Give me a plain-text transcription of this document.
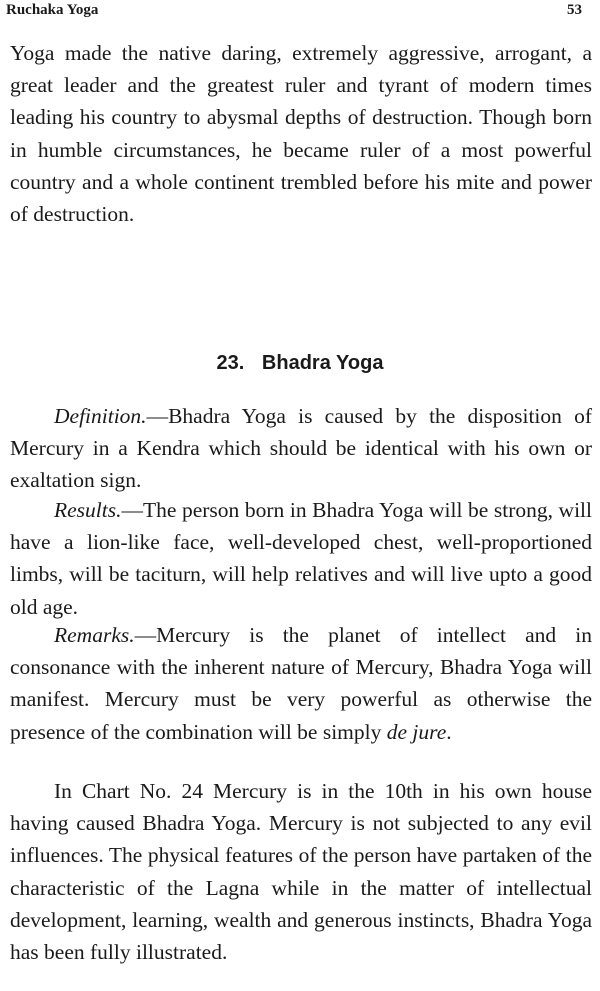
Ruchaka Yoga	53

Yoga made the native daring, extremely aggressive, arrogant, a great leader and the greatest ruler and tyrant of modern times leading his country to abysmal depths of destruction. Though born in humble circumstances, he became ruler of a most powerful country and a whole continent trembled before his mite and power of destruction.

23. Bhadra Yoga

Definition.—Bhadra Yoga is caused by the disposition of Mercury in a Kendra which should be identical with his own or exaltation sign.

Results.—The person born in Bhadra Yoga will be strong, will have a lion-like face, well-developed chest, well-proportioned limbs, will be taciturn, will help relatives and will live upto a good old age.

Remarks.—Mercury is the planet of intellect and in consonance with the inherent nature of Mercury, Bhadra Yoga will manifest. Mercury must be very powerful as otherwise the presence of the combination will be simply de jure.

In Chart No. 24 Mercury is in the 10th in his own house having caused Bhadra Yoga. Mercury is not subjected to any evil influences. The physical features of the person have partaken of the characteristic of the Lagna while in the matter of intellectual development, learning, wealth and generous instincts, Bhadra Yoga has been fully illustrated.
